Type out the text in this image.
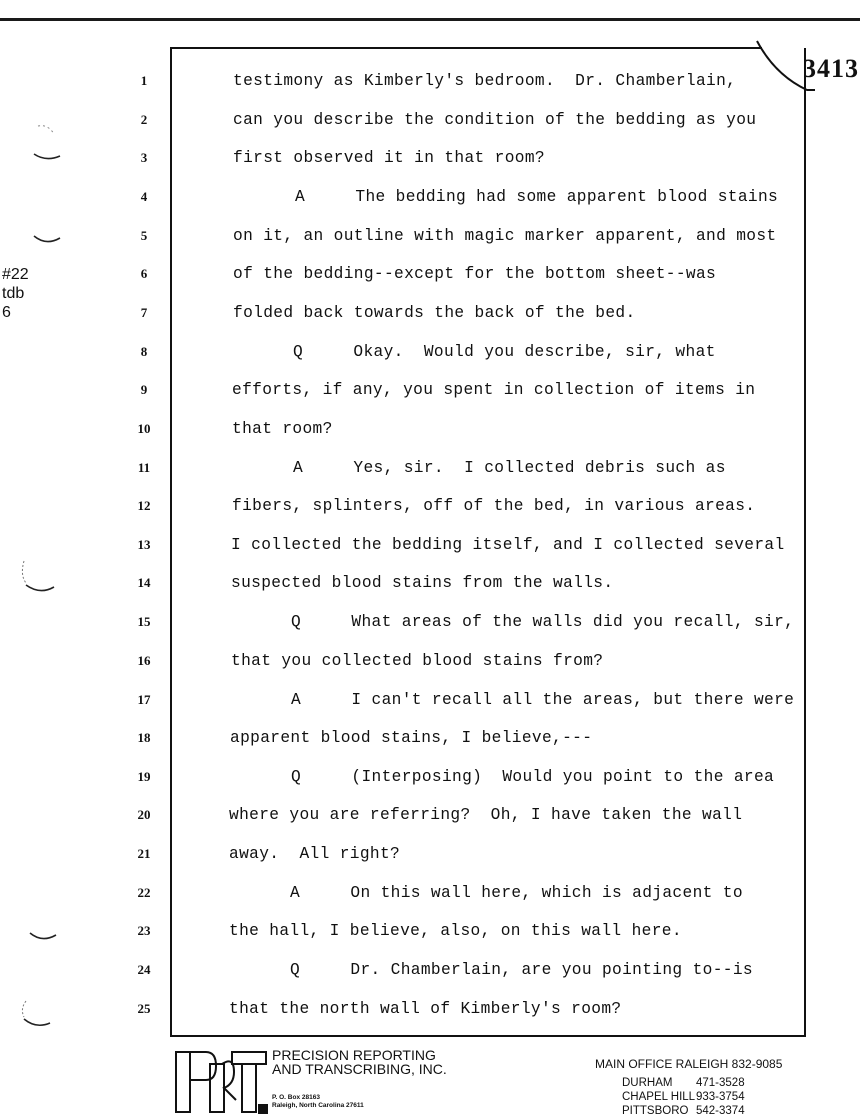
3413
#22
tdb
6
1
2
3
4
5
6
7
8
9
10
11
12
13
14
15
16
17
18
19
20
21
22
23
24
25
testimony as Kimberly's bedroom.  Dr. Chamberlain,
can you describe the condition of the bedding as you
first observed it in that room?
A     The bedding had some apparent blood stains
on it, an outline with magic marker apparent, and most
of the bedding--except for the bottom sheet--was
folded back towards the back of the bed.
Q     Okay.  Would you describe, sir, what
efforts, if any, you spent in collection of items in
that room?
A     Yes, sir.  I collected debris such as
fibers, splinters, off of the bed, in various areas.
I collected the bedding itself, and I collected several
suspected blood stains from the walls.
Q     What areas of the walls did you recall, sir,
that you collected blood stains from?
A     I can't recall all the areas, but there were
apparent blood stains, I believe,---
Q     (Interposing)  Would you point to the area
where you are referring?  Oh, I have taken the wall
away.  All right?
A     On this wall here, which is adjacent to
the hall, I believe, also, on this wall here.
Q     Dr. Chamberlain, are you pointing to--is
that the north wall of Kimberly's room?
PRECISION REPORTING
AND TRANSCRIBING, INC.
P. O. Box 28163
Raleigh, North Carolina 27611
MAIN OFFICE RALEIGH 832-9085
DURHAM 471-3528
CHAPEL HILL933-3754
PITTSBORO 542-3374
